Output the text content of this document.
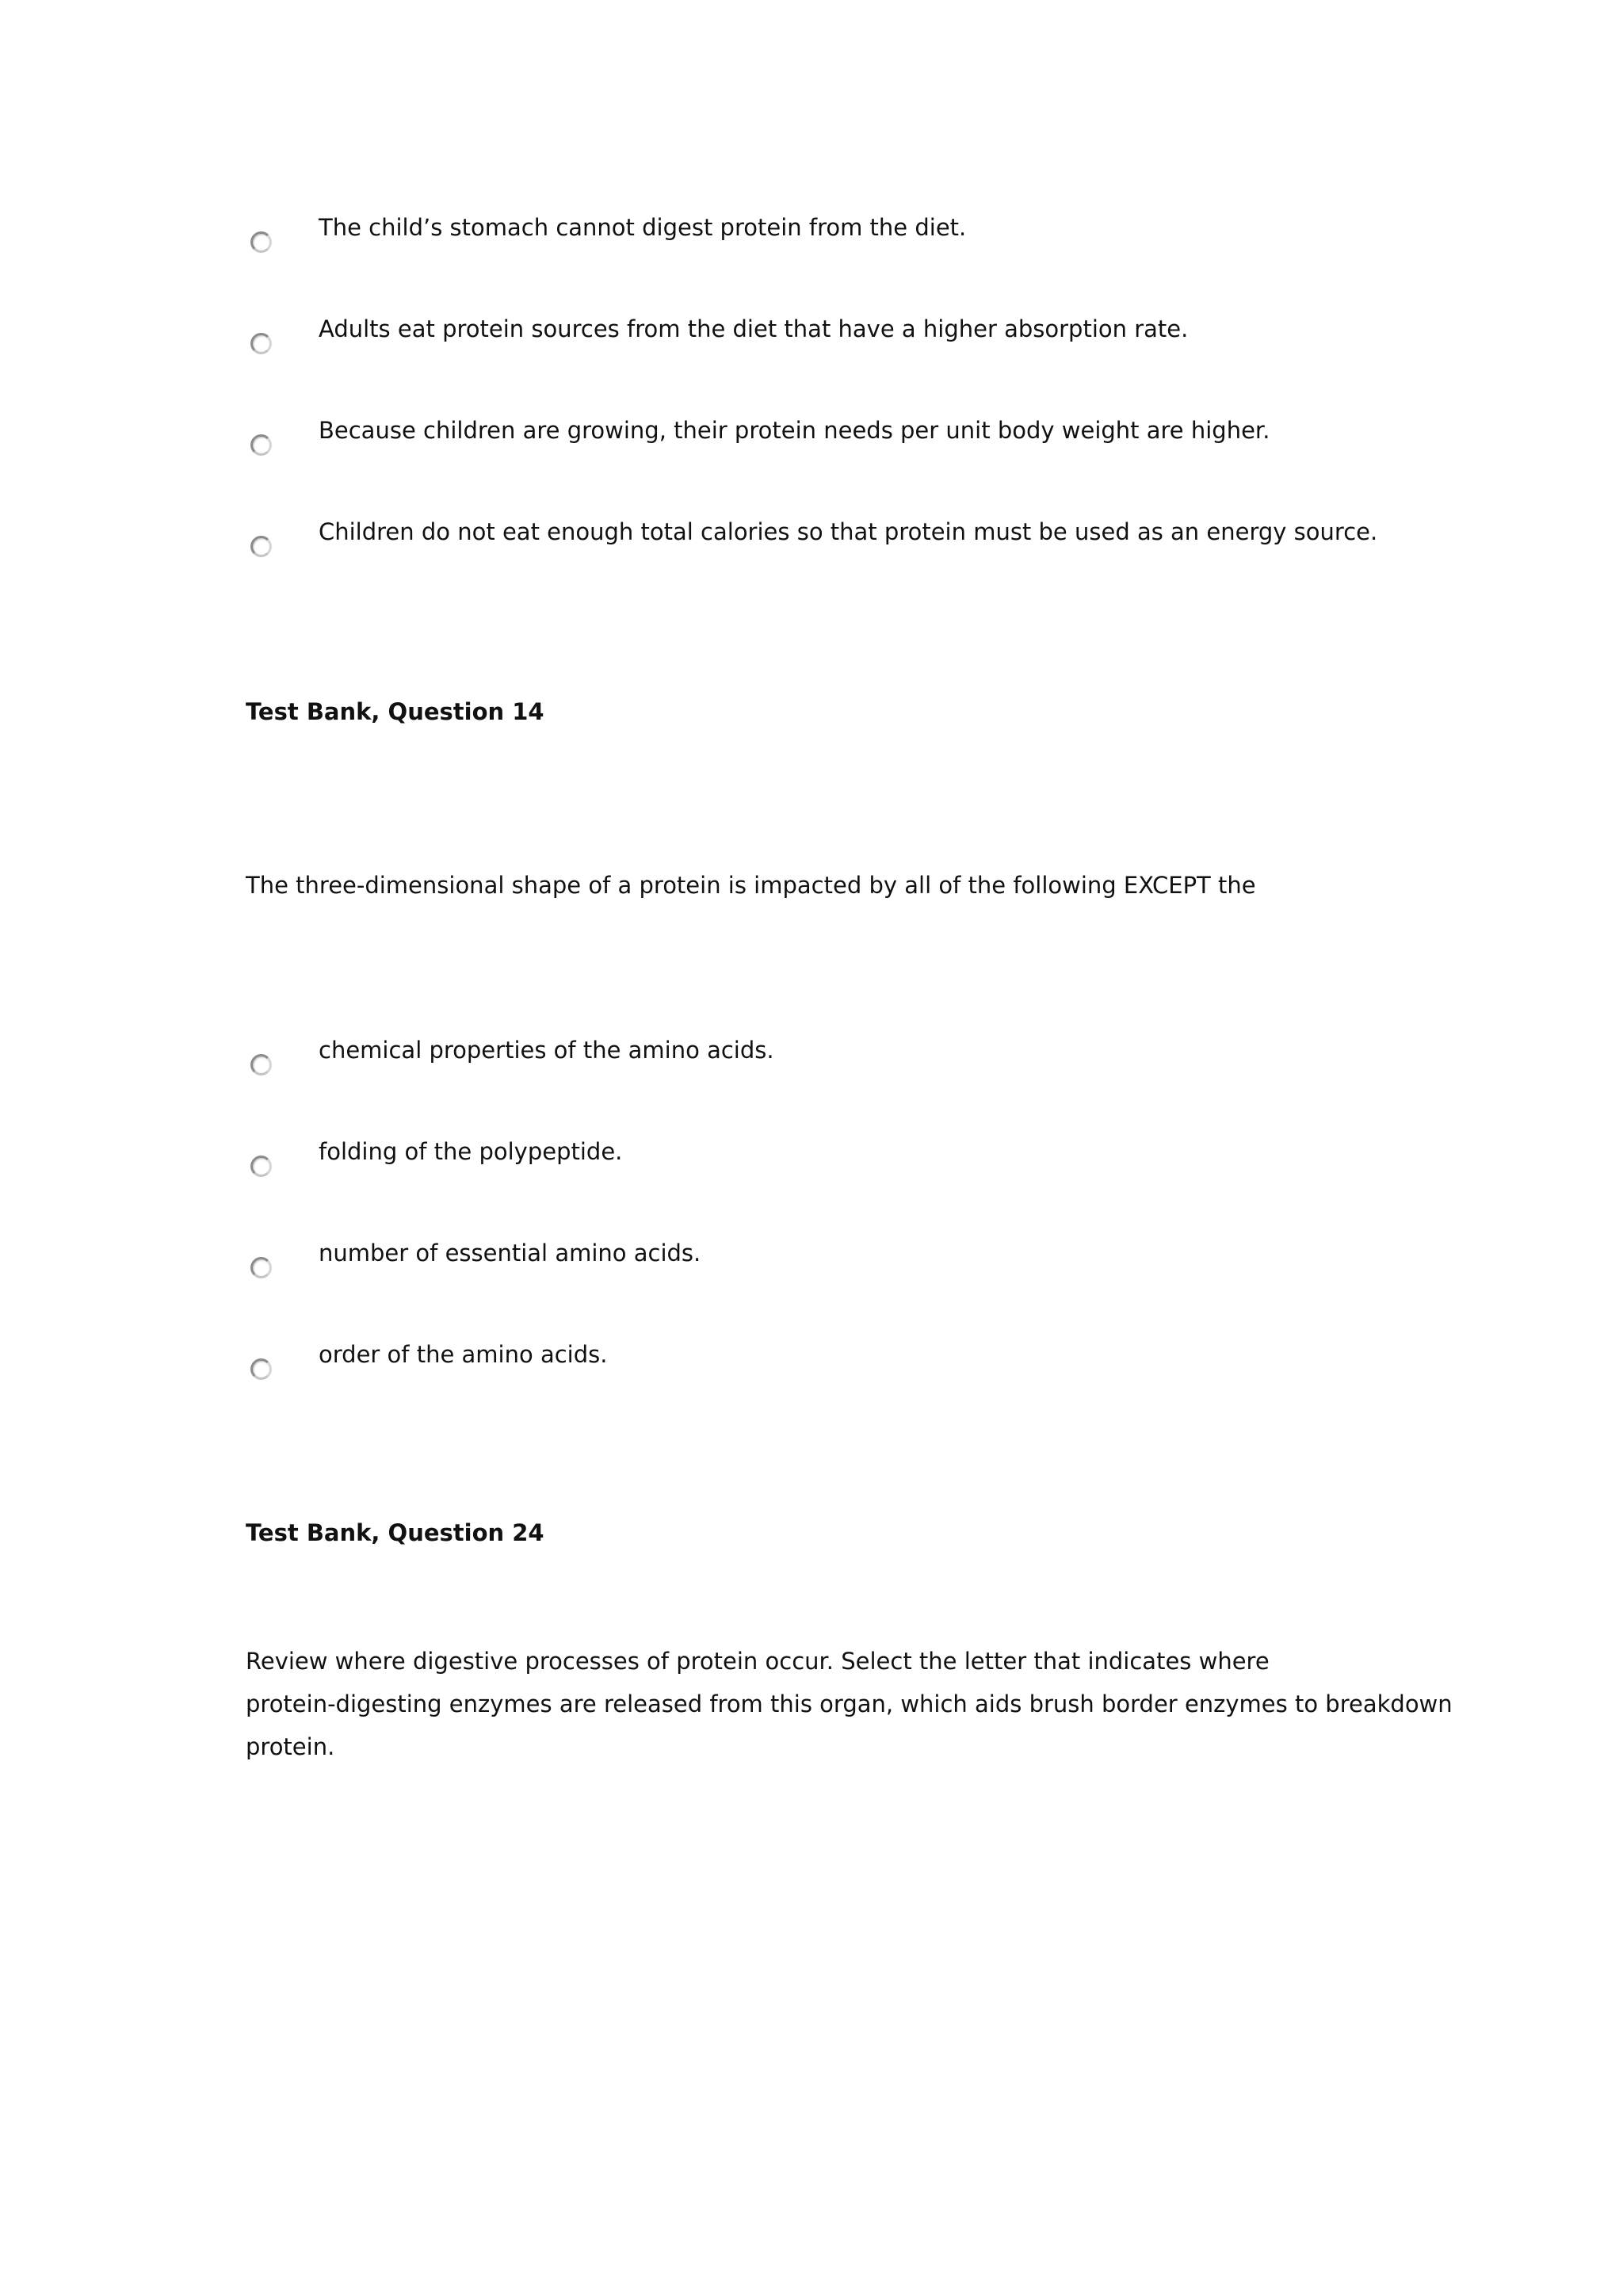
The child’s stomach cannot digest protein from the diet.
Adults eat protein sources from the diet that have a higher absorption rate.
Because children are growing, their protein needs per unit body weight are higher.
Children do not eat enough total calories so that protein must be used as an energy source.
Test Bank, Question 14
The three-dimensional shape of a protein is impacted by all of the following EXCEPT the
chemical properties of the amino acids.
folding of the polypeptide.
number of essential amino acids.
order of the amino acids.
Test Bank, Question 24
Review where digestive processes of protein occur. Select the letter that indicates where
protein-digesting enzymes are released from this organ, which aids brush border enzymes to breakdown
protein.
